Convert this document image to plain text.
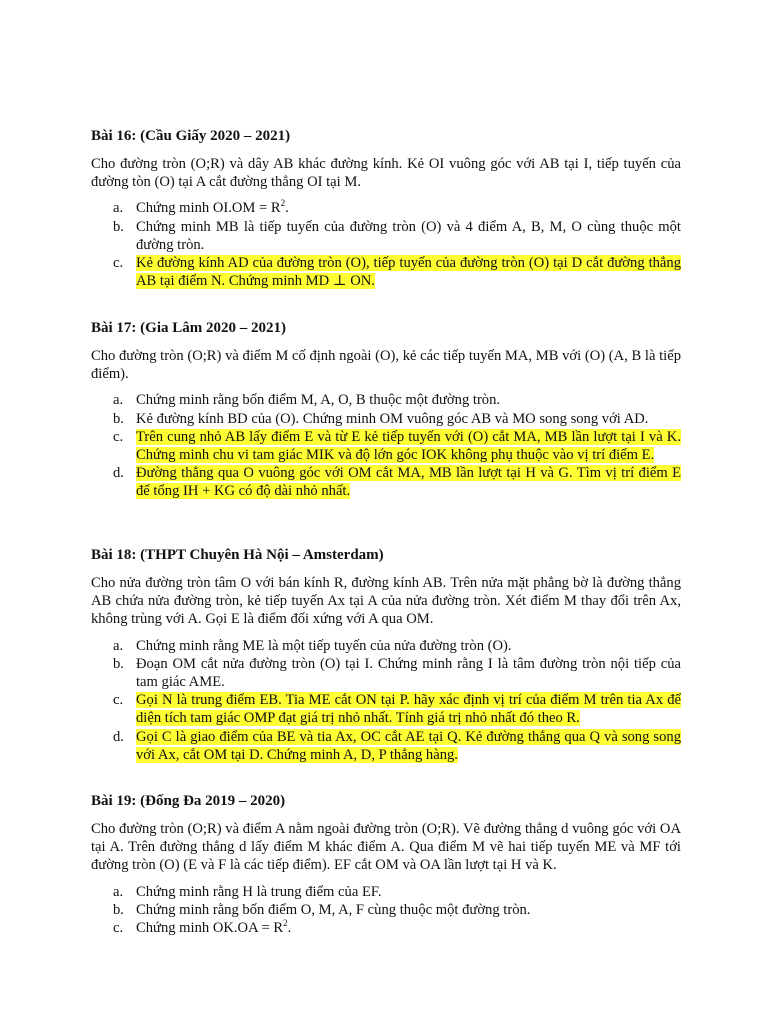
Bài 16: (Cầu Giấy 2020 – 2021)

Cho đường tròn (O;R) và dây AB khác đường kính. Kẻ OI vuông góc với AB tại I, tiếp tuyến của đường tòn (O) tại A cắt đường thẳng OI tại M.

a. Chứng minh $OI.OM = R^2$.
b. Chứng minh MB là tiếp tuyến của đường tròn (O) và 4 điểm A, B, M, O cùng thuộc một đường tròn.
c. Kẻ đường kính AD của đường tròn (O), tiếp tuyến của đường tròn (O) tại D cắt đường thẳng AB tại điểm N. Chứng minh MD ⊥ ON.

Bài 17: (Gia Lâm 2020 – 2021)

Cho đường tròn (O;R) và điểm M cố định ngoài (O), kẻ các tiếp tuyến MA, MB với (O) (A, B là tiếp điểm).

a. Chứng minh rằng bốn điểm M, A, O, B thuộc một đường tròn.
b. Kẻ đường kính BD của (O). Chứng minh OM vuông góc AB và MO song song với AD.
c. Trên cung nhỏ AB lấy điểm E và từ E kẻ tiếp tuyến với (O) cắt MA, MB lần lượt tại I và K. Chứng minh chu vi tam giác MIK và độ lớn góc IOK không phụ thuộc vào vị trí điểm E.
d. Đường thẳng qua O vuông góc với OM cắt MA, MB lần lượt tại H và G. Tìm vị trí điểm E để tổng IH + KG có độ dài nhỏ nhất.

Bài 18: (THPT Chuyên Hà Nội – Amsterdam)

Cho nửa đường tròn tâm O với bán kính R, đường kính AB. Trên nửa mặt phẳng bờ là đường thẳng AB chứa nửa đường tròn, kẻ tiếp tuyến Ax tại A của nửa đường tròn. Xét điểm M thay đổi trên Ax, không trùng với A. Gọi E là điểm đối xứng với A qua OM.

a. Chứng minh rằng ME là một tiếp tuyến của nửa đường tròn (O).
b. Đoạn OM cắt nửa đường tròn (O) tại I. Chứng minh rằng I là tâm đường tròn nội tiếp của tam giác AME.
c. Gọi N là trung điểm EB. Tia ME cắt ON tại P. hãy xác định vị trí của điểm M trên tia Ax để diện tích tam giác OMP đạt giá trị nhỏ nhất. Tính giá trị nhỏ nhất đó theo R.
d. Gọi C là giao điểm của BE và tia Ax, OC cắt AE tại Q. Kẻ đường thẳng qua Q và song song với Ax, cắt OM tại D. Chứng minh A, D, P thẳng hàng.

Bài 19: (Đống Đa 2019 – 2020)

Cho đường tròn (O;R) và điểm A nằm ngoài đường tròn (O;R). Vẽ đường thẳng d vuông góc với OA tại A. Trên đường thẳng d lấy điểm M khác điểm A. Qua điểm M vẽ hai tiếp tuyến ME và MF tới đường tròn (O) (E và F là các tiếp điểm). EF cắt OM và OA lần lượt tại H và K.

a. Chứng minh rằng H là trung điểm của EF.
b. Chứng minh rằng bốn điểm O, M, A, F cùng thuộc một đường tròn.
c. Chứng minh $OK.OA = R^2$.
